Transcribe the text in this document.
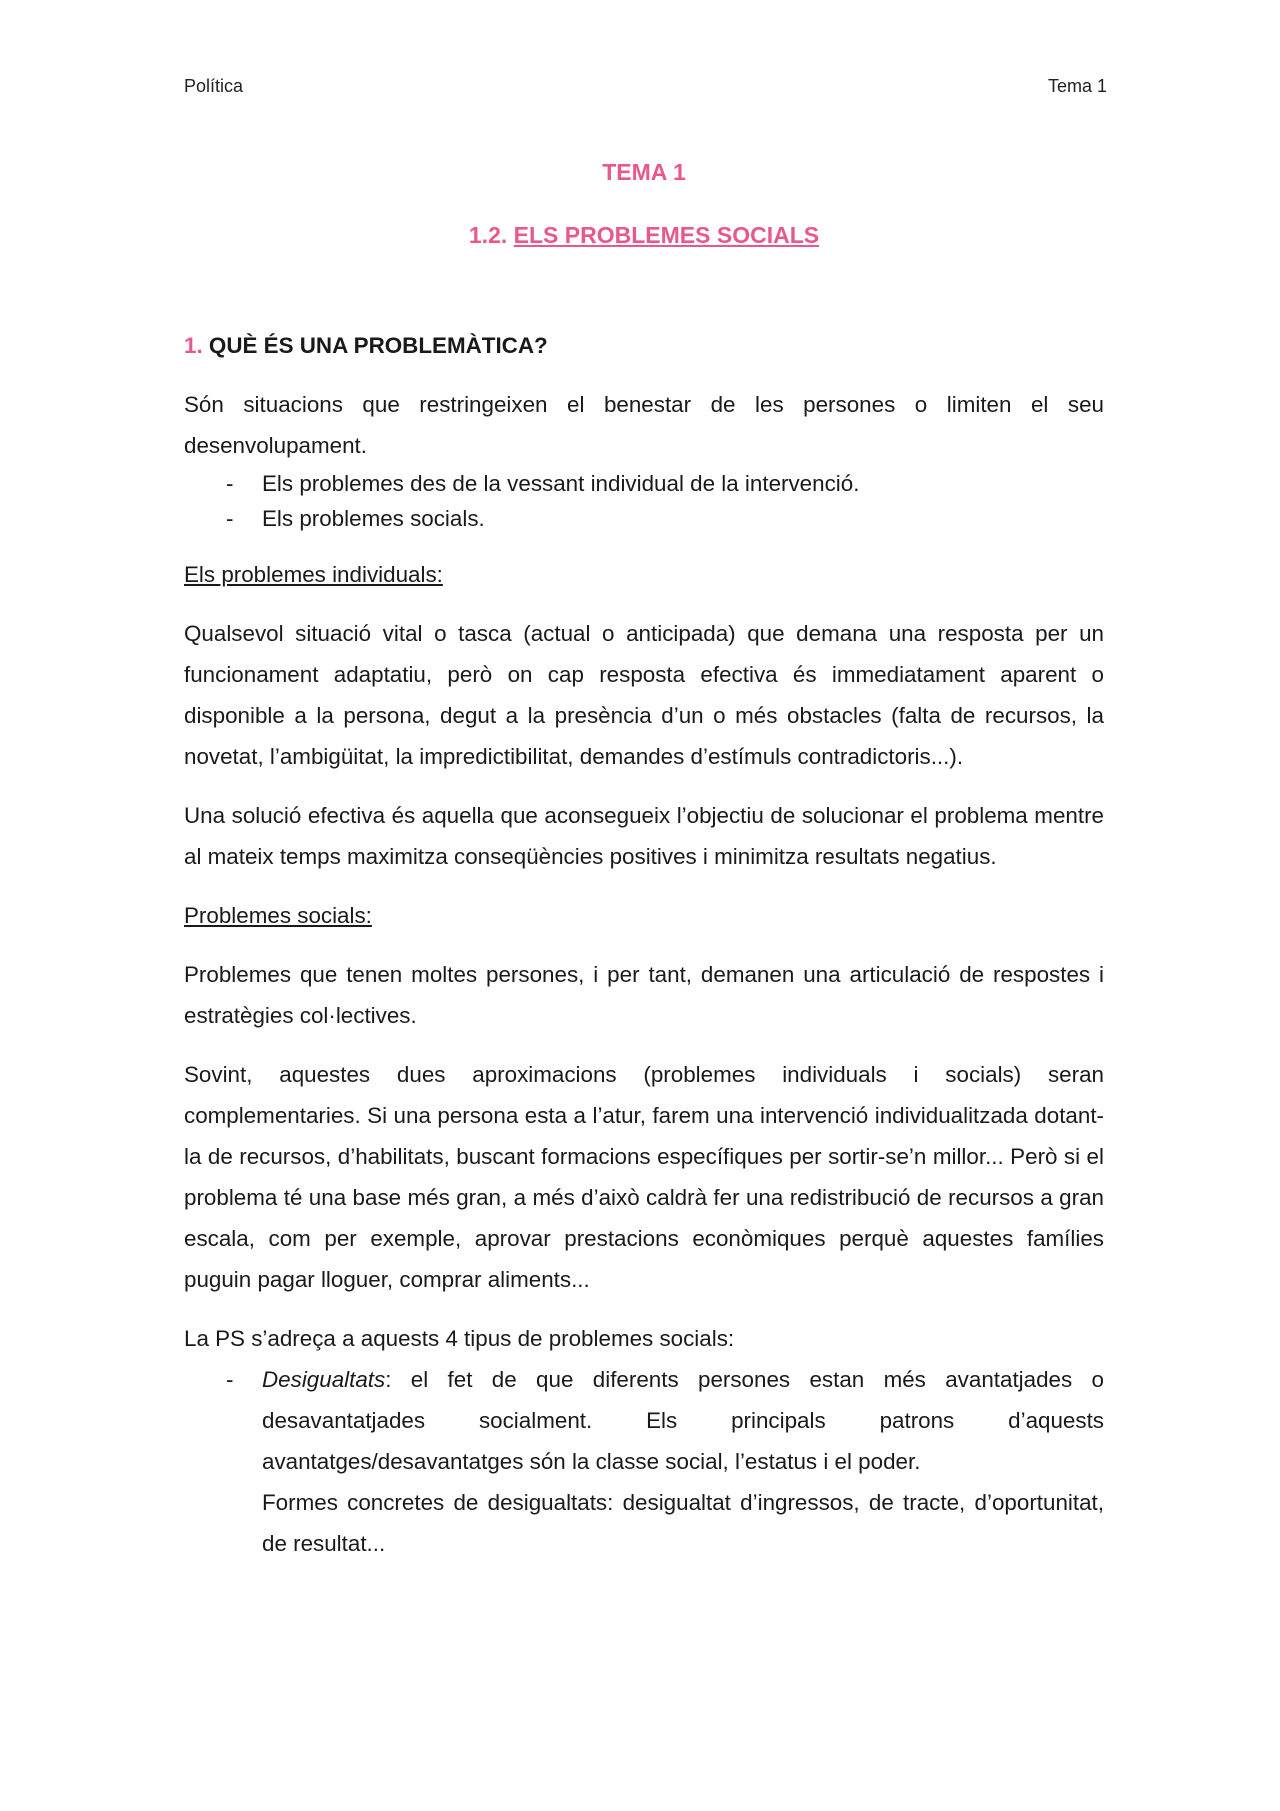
Política	Tema 1

TEMA 1

1.2. ELS PROBLEMES SOCIALS

1. QUÈ ÉS UNA PROBLEMÀTICA?

Són situacions que restringeixen el benestar de les persones o limiten el seu desenvolupament.

- Els problemes des de la vessant individual de la intervenció.
- Els problemes socials.

Els problemes individuals:

Qualsevol situació vital o tasca (actual o anticipada) que demana una resposta per un funcionament adaptatiu, però on cap resposta efectiva és immediatament aparent o disponible a la persona, degut a la presència d’un o més obstacles (falta de recursos, la novetat, l’ambigüitat, la impredictibilitat, demandes d’estímuls contradictoris...).

Una solució efectiva és aquella que aconsegueix l’objectiu de solucionar el problema mentre al mateix temps maximitza conseqüències positives i minimitza resultats negatius.

Problemes socials:

Problemes que tenen moltes persones, i per tant, demanen una articulació de respostes i estratègies col·lectives.

Sovint, aquestes dues aproximacions (problemes individuals i socials) seran complementaries. Si una persona esta a l’atur, farem una intervenció individualitzada dotant-la de recursos, d’habilitats, buscant formacions específiques per sortir-se’n millor... Però si el problema té una base més gran, a més d’això caldrà fer una redistribució de recursos a gran escala, com per exemple, aprovar prestacions econòmiques perquè aquestes famílies puguin pagar lloguer, comprar aliments...

La PS s’adreça a aquests 4 tipus de problemes socials:

- Desigualtats: el fet de que diferents persones estan més avantatjades o desavantatjades socialment. Els principals patrons d’aquests avantatges/desavantatges són la classe social, l’estatus i el poder.
Formes concretes de desigualtats: desigualtat d’ingressos, de tracte, d’oportunitat, de resultat...
